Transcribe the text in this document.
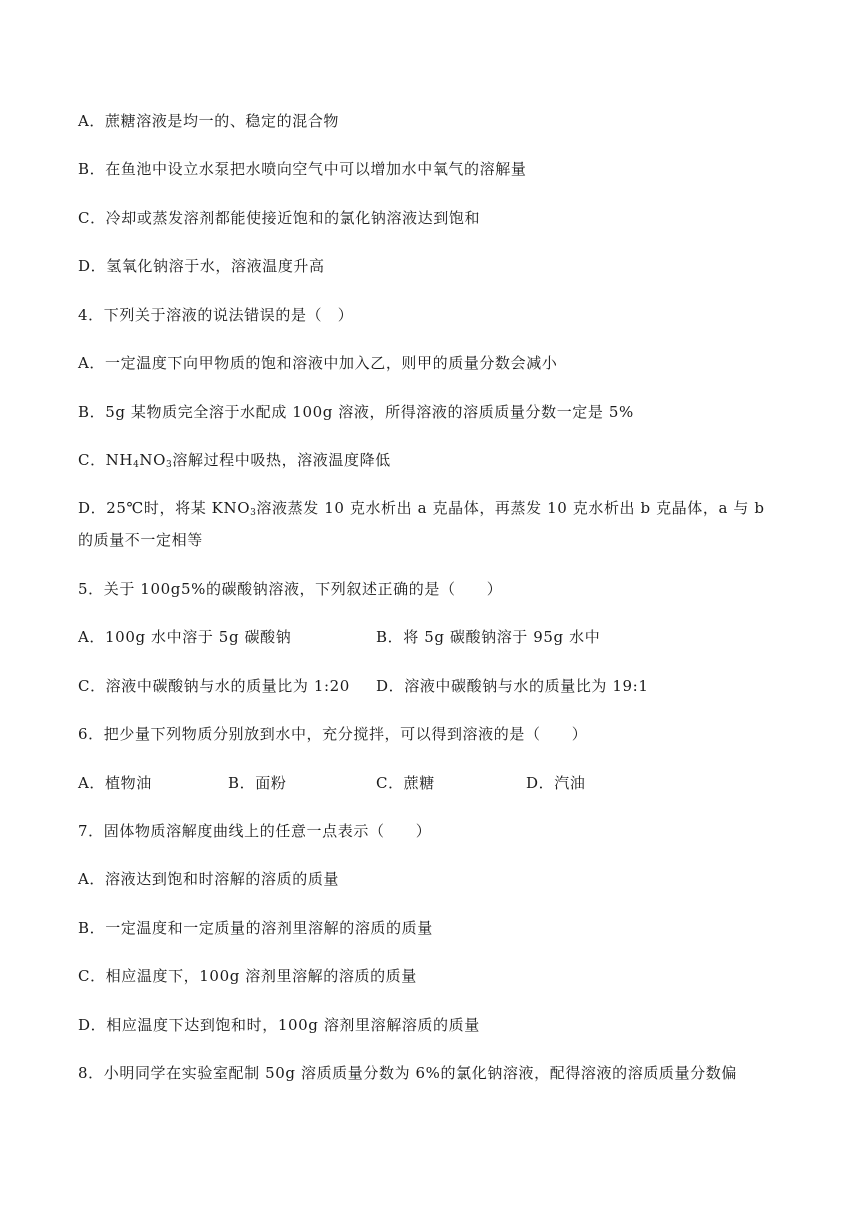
A．蔗糖溶液是均一的、稳定的混合物
B．在鱼池中设立水泵把水喷向空气中可以增加水中氧气的溶解量
C．冷却或蒸发溶剂都能使接近饱和的氯化钠溶液达到饱和
D．氢氧化钠溶于水，溶液温度升高
4．下列关于溶液的说法错误的是（　）
A．一定温度下向甲物质的饱和溶液中加入乙，则甲的质量分数会减小
B．5g 某物质完全溶于水配成 100g 溶液，所得溶液的溶质质量分数一定是 5%
C．$NH_4NO_3$溶解过程中吸热，溶液温度降低
D．25℃时，将某 $KNO_3$溶液蒸发 10 克水析出 a 克晶体，再蒸发 10 克水析出 b 克晶体，a 与 b
的质量不一定相等
5．关于 100g5%的碳酸钠溶液，下列叙述正确的是（　　）
A．100g 水中溶于 5g 碳酸钠	B．将 5g 碳酸钠溶于 95g 水中
C．溶液中碳酸钠与水的质量比为 1:20 D．溶液中碳酸钠与水的质量比为 19:1
6．把少量下列物质分别放到水中，充分搅拌，可以得到溶液的是（　　）
A．植物油	B．面粉	C．蔗糖	D．汽油
7．固体物质溶解度曲线上的任意一点表示（　　）
A．溶液达到饱和时溶解的溶质的质量
B．一定温度和一定质量的溶剂里溶解的溶质的质量
C．相应温度下，100g 溶剂里溶解的溶质的质量
D．相应温度下达到饱和时，100g 溶剂里溶解溶质的质量
8．小明同学在实验室配制 50g 溶质质量分数为 6%的氯化钠溶液，配得溶液的溶质质量分数偏
